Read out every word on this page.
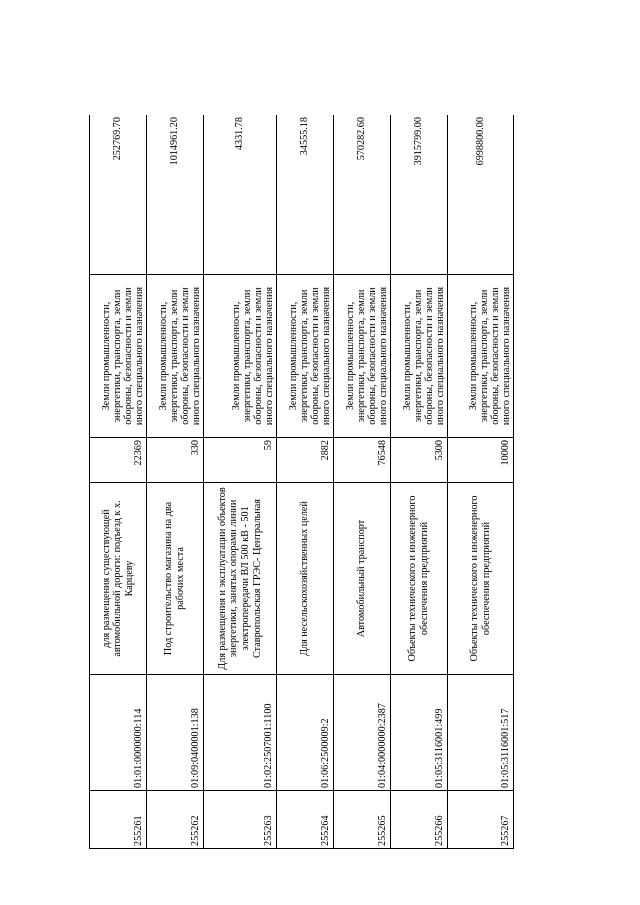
255261	01:01:0000000:114	для размещения существующей автомобильной дороги: подъезд к х. Карцеву	22369	Земли промышленности, энергетики, транспорта, земли обороны, безопасности и земли иного специального назначения	252769.70
255262	01:09:0400001:138	Под строительство магазина на два рабочих места	330	Земли промышленности, энергетики, транспорта, земли обороны, безопасности и земли иного специального назначения	1014961.20
255263	01:02:2507001:1100	Для размещения и эксплуатации объектов энергетики, занятых опорами линии электропередачи ВЛ 500 кВ - 501 Ставропольская ГРЭС- Центральная	59	Земли промышленности, энергетики, транспорта, земли обороны, безопасности и земли иного специального назначения	4331.78
255264	01:06:2500009:2	Для несельскохозяйственных целей	2882	Земли промышленности, энергетики, транспорта, земли обороны, безопасности и земли иного специального назначения	34555.18
255265	01:04:0000000:2387	Автомобильный транспорт	76548	Земли промышленности, энергетики, транспорта, земли обороны, безопасности и земли иного специального назначения	570282.60
255266	01:05:3116001:499	Объекты технического и инженерного обеспечения предприятий	5300	Земли промышленности, энергетики, транспорта, земли обороны, безопасности и земли иного специального назначения	3915799.00
255267	01:05:3116001:517	Объекты технического и инженерного обеспечения предприятий	10000	Земли промышленности, энергетики, транспорта, земли обороны, безопасности и земли иного специального назначения	6998800.00
